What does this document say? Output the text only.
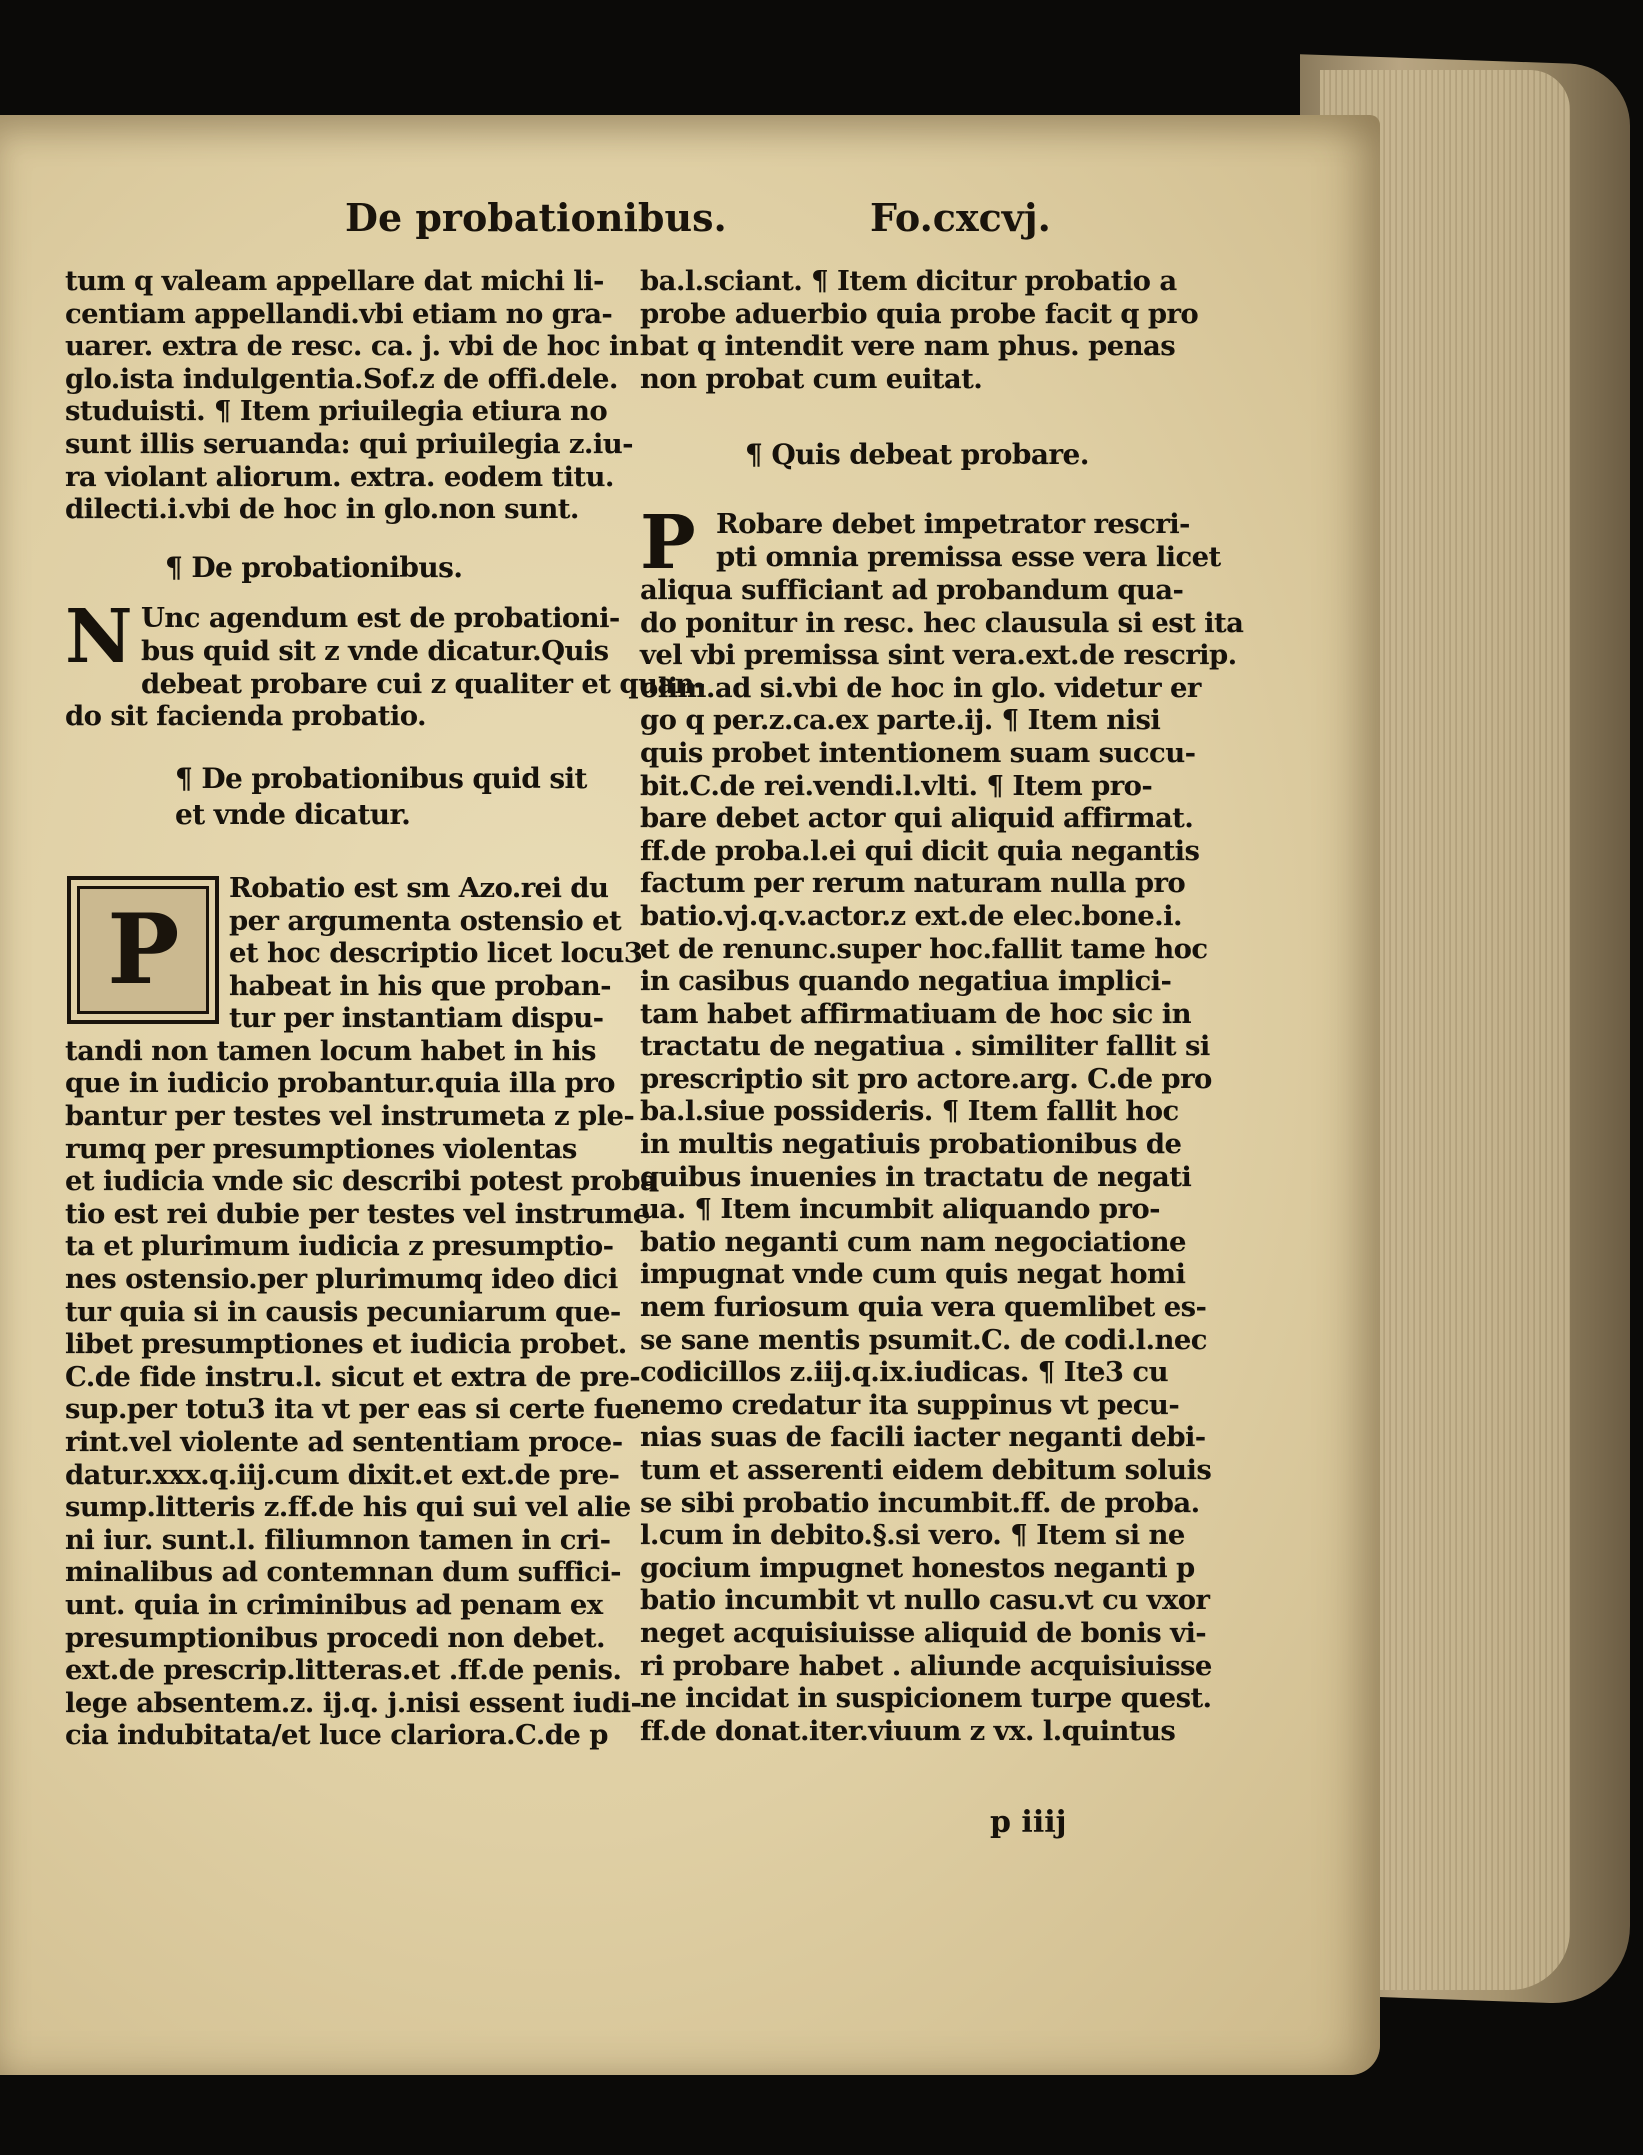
De probationibus.	Fo.cxcvj.
tum q valeam appellare dat michi li-
centiam appellandi.vbi etiam no gra-
uarer. extra de resc. ca. j. vbi de hoc in
glo.ista indulgentia.Sof.z de offi.dele.
studuisti. ¶ Item priuilegia etiura no
sunt illis seruanda: qui priuilegia z.iu-
ra violant aliorum. extra. eodem titu.
dilecti.i.vbi de hoc in glo.non sunt.
¶ De probationibus.
N Unc agendum est de probationi-
bus quid sit z vnde dicatur.Quis
debeat probare cui z qualiter et quan-
do sit facienda probatio.
¶ De probationibus quid sit
et vnde dicatur.
P
Robatio est sm Azo.rei du
per argumenta ostensio et
et hoc descriptio licet locu3
habeat in his que proban-
tur per instantiam dispu-
tandi non tamen locum habet in his
que in iudicio probantur.quia illa pro
bantur per testes vel instrumeta z ple-
rumq per presumptiones violentas
et iudicia vnde sic describi potest proba
tio est rei dubie per testes vel instrume
ta et plurimum iudicia z presumptio-
nes ostensio.per plurimumq ideo dici
tur quia si in causis pecuniarum que-
libet presumptiones et iudicia probet.
C.de fide instru.l. sicut et extra de pre-
sup.per totu3 ita vt per eas si certe fue
rint.vel violente ad sententiam proce-
datur.xxx.q.iij.cum dixit.et ext.de pre-
sump.litteris z.ff.de his qui sui vel alie
ni iur. sunt.l. filiumnon tamen in cri-
minalibus ad contemnan dum suffici-
unt. quia in criminibus ad penam ex
presumptionibus procedi non debet.
ext.de prescrip.litteras.et .ff.de penis.
lege absentem.z. ij.q. j.nisi essent iudi-
cia indubitata/et luce clariora.C.de p
ba.l.sciant. ¶ Item dicitur probatio a
probe aduerbio quia probe facit q pro
bat q intendit vere nam phus. penas
non probat cum euitat.
¶ Quis debeat probare.
P Robare debet impetrator rescri-
pti omnia premissa esse vera licet
aliqua sufficiant ad probandum qua-
do ponitur in resc. hec clausula si est ita
vel vbi premissa sint vera.ext.de rescrip.
olim.ad si.vbi de hoc in glo. videtur er
go q per.z.ca.ex parte.ij. ¶ Item nisi
quis probet intentionem suam succu-
bit.C.de rei.vendi.l.vlti. ¶ Item pro-
bare debet actor qui aliquid affirmat.
ff.de proba.l.ei qui dicit quia negantis
factum per rerum naturam nulla pro
batio.vj.q.v.actor.z ext.de elec.bone.i.
et de renunc.super hoc.fallit tame hoc
in casibus quando negatiua implici-
tam habet affirmatiuam de hoc sic in
tractatu de negatiua . similiter fallit si
prescriptio sit pro actore.arg. C.de pro
ba.l.siue possideris. ¶ Item fallit hoc
in multis negatiuis probationibus de
quibus inuenies in tractatu de negati
ua. ¶ Item incumbit aliquando pro-
batio neganti cum nam negociatione
impugnat vnde cum quis negat homi
nem furiosum quia vera quemlibet es-
se sane mentis psumit.C. de codi.l.nec
codicillos z.iij.q.ix.iudicas. ¶ Ite3 cu
nemo credatur ita suppinus vt pecu-
nias suas de facili iacter neganti debi-
tum et asserenti eidem debitum soluis
se sibi probatio incumbit.ff. de proba.
l.cum in debito.§.si vero. ¶ Item si ne
gocium impugnet honestos neganti p
batio incumbit vt nullo casu.vt cu vxor
neget acquisiuisse aliquid de bonis vi-
ri probare habet . aliunde acquisiuisse
ne incidat in suspicionem turpe quest.
ff.de donat.iter.viuum z vx. l.quintus
p iiij
